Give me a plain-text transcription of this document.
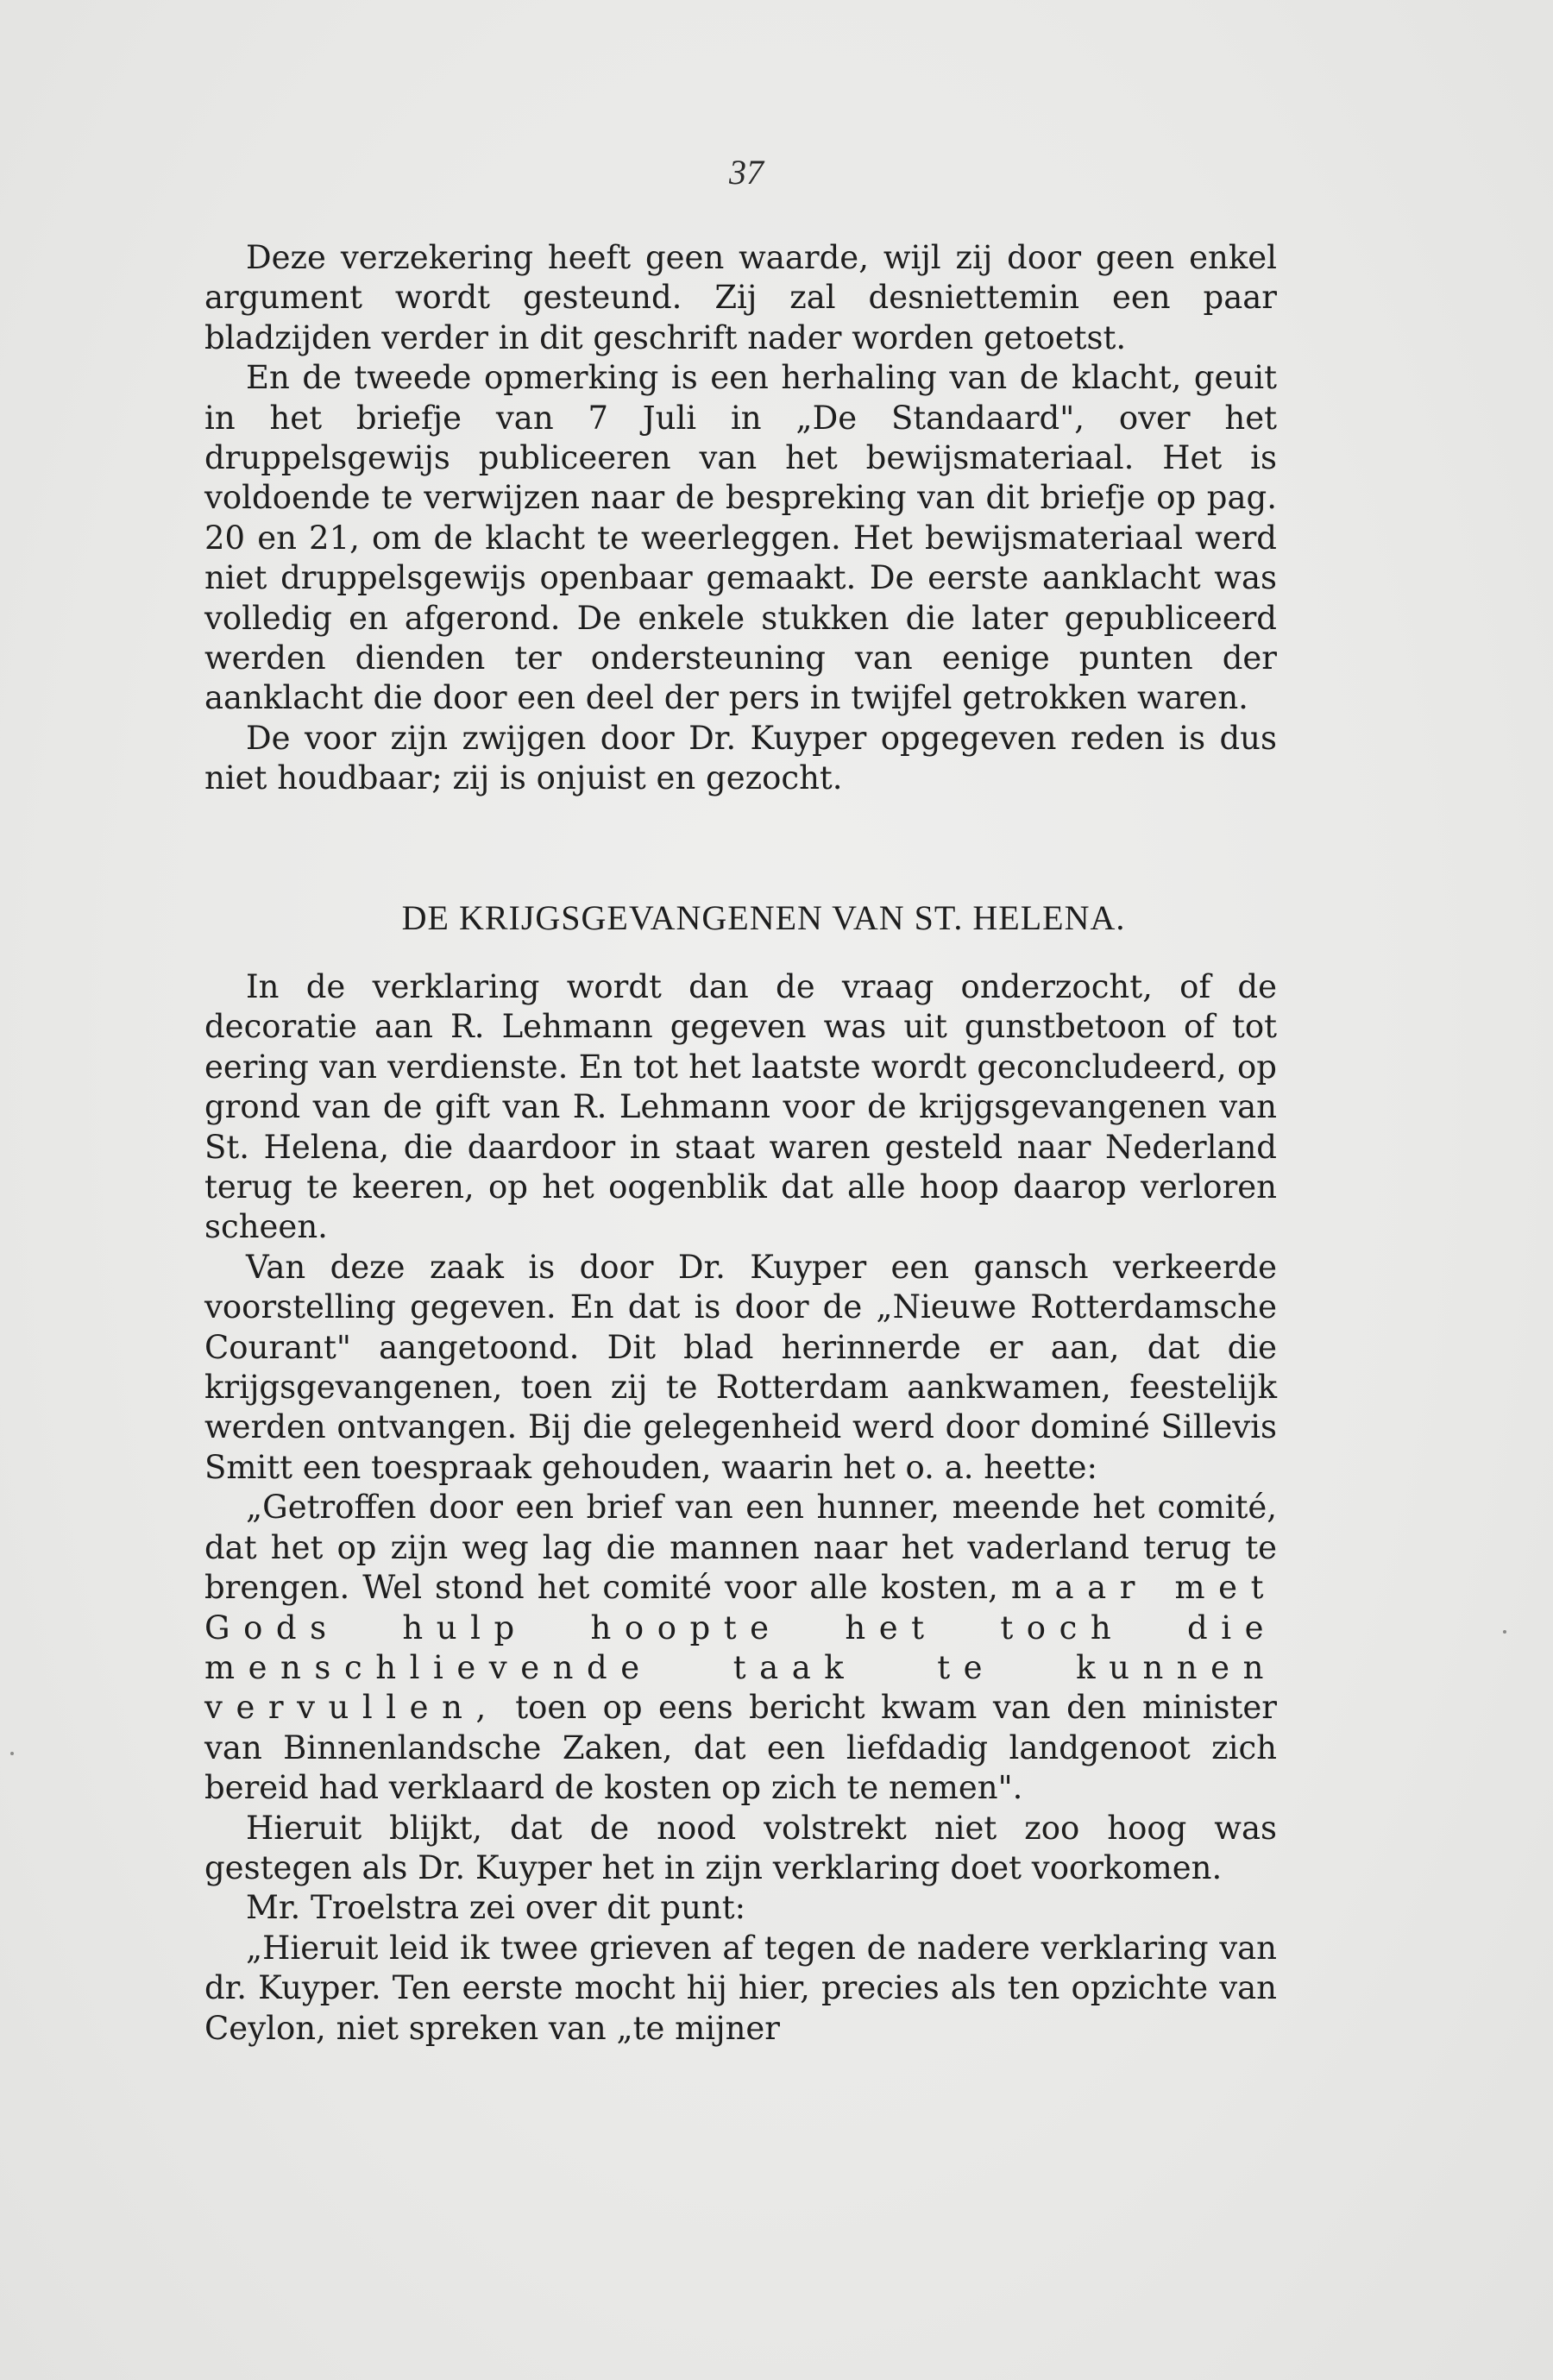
37

Deze verzekering heeft geen waarde, wijl zij door geen enkel argument wordt gesteund. Zij zal desniettemin een paar bladzijden verder in dit geschrift nader worden getoetst.

En de tweede opmerking is een herhaling van de klacht, geuit in het briefje van 7 Juli in „De Standaard", over het druppelsgewijs publiceeren van het bewijsmateriaal. Het is voldoende te verwijzen naar de bespreking van dit briefje op pag. 20 en 21, om de klacht te weerleggen. Het bewijsmateriaal werd niet druppelsgewijs openbaar gemaakt. De eerste aanklacht was volledig en afgerond. De enkele stukken die later gepubliceerd werden dienden ter ondersteuning van eenige punten der aanklacht die door een deel der pers in twijfel getrokken waren.

De voor zijn zwijgen door Dr. Kuyper opgegeven reden is dus niet houdbaar; zij is onjuist en gezocht.

DE KRIJGSGEVANGENEN VAN ST. HELENA.

In de verklaring wordt dan de vraag onderzocht, of de decoratie aan R. Lehmann gegeven was uit gunstbetoon of tot eering van verdienste. En tot het laatste wordt geconcludeerd, op grond van de gift van R. Lehmann voor de krijgsgevangenen van St. Helena, die daardoor in staat waren gesteld naar Nederland terug te keeren, op het oogenblik dat alle hoop daarop verloren scheen.

Van deze zaak is door Dr. Kuyper een gansch verkeerde voorstelling gegeven. En dat is door de „Nieuwe Rotterdamsche Courant" aangetoond. Dit blad herinnerde er aan, dat die krijgsgevangenen, toen zij te Rotterdam aankwamen, feestelijk werden ontvangen. Bij die gelegenheid werd door dominé Sillevis Smitt een toespraak gehouden, waarin het o. a. heette:

„Getroffen door een brief van een hunner, meende het comité, dat het op zijn weg lag die mannen naar het vaderland terug te brengen. Wel stond het comité voor alle kosten, maar met Gods hulp hoopte het toch die menschlievende taak te kunnen vervullen, toen op eens bericht kwam van den minister van Binnenlandsche Zaken, dat een liefdadig landgenoot zich bereid had verklaard de kosten op zich te nemen".

Hieruit blijkt, dat de nood volstrekt niet zoo hoog was gestegen als Dr. Kuyper het in zijn verklaring doet voorkomen.

Mr. Troelstra zei over dit punt:

„Hieruit leid ik twee grieven af tegen de nadere verklaring van dr. Kuyper. Ten eerste mocht hij hier, precies als ten opzichte van Ceylon, niet spreken van „te mijner
